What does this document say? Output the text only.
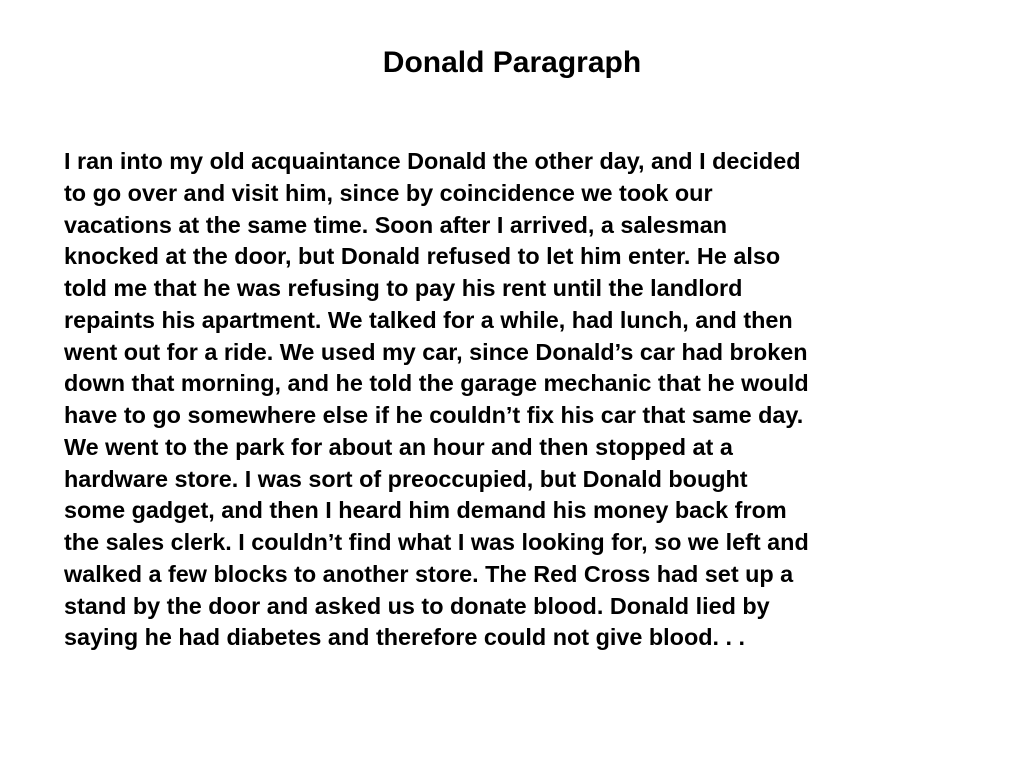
Donald Paragraph
I ran into my old acquaintance Donald the other day, and I decided
to go over and visit him, since by coincidence we took our
vacations at the same time. Soon after I arrived, a salesman
knocked at the door, but Donald refused to let him enter. He also
told me that he was refusing to pay his rent until the landlord
repaints his apartment. We talked for a while, had lunch, and then
went out for a ride. We used my car, since Donald’s car had broken
down that morning, and he told the garage mechanic that he would
have to go somewhere else if he couldn’t fix his car that same day.
We went to the park for about an hour and then stopped at a
hardware store. I was sort of preoccupied, but Donald bought
some gadget, and then I heard him demand his money back from
the sales clerk. I couldn’t find what I was looking for, so we left and
walked a few blocks to another store. The Red Cross had set up a
stand by the door and asked us to donate blood. Donald lied by
saying he had diabetes and therefore could not give blood. . .
